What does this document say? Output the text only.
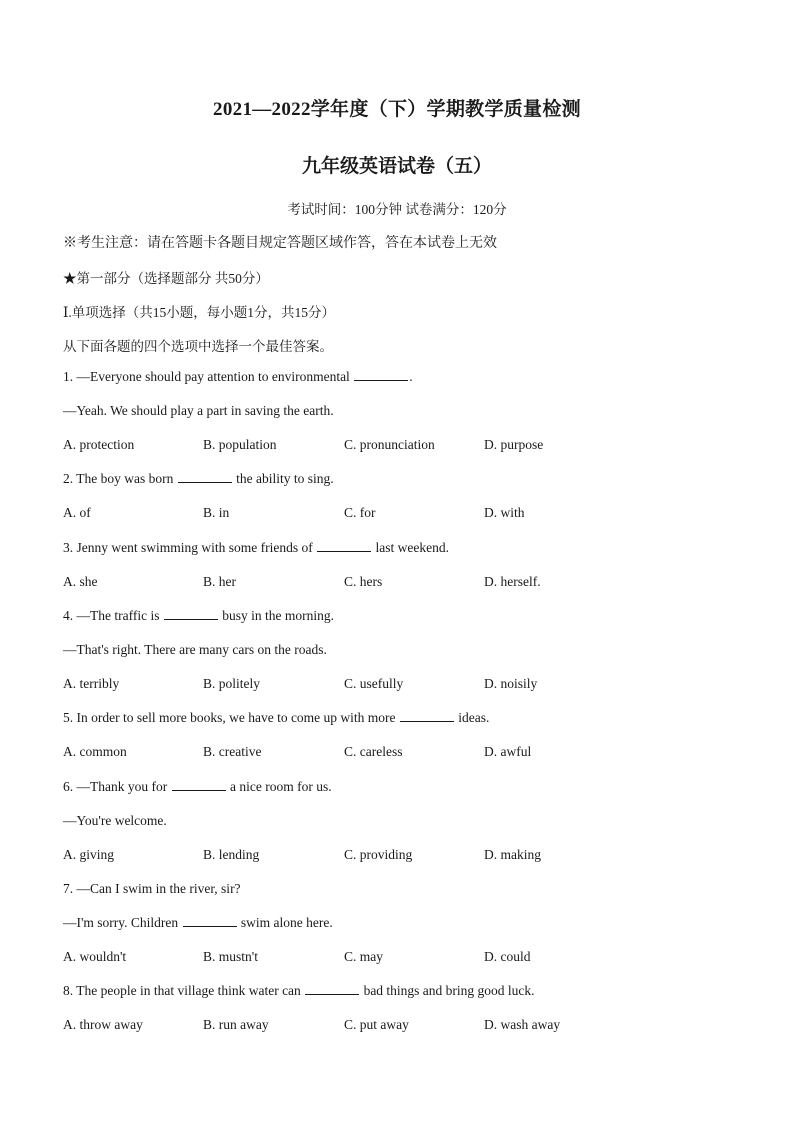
2021—2022学年度（下）学期教学质量检测
九年级英语试卷（五）
考试时间：100分钟 试卷满分：120分
※考生注意：请在答题卡各题目规定答题区域作答，答在本试卷上无效
★第一部分（选择题部分 共50分）
Ⅰ.单项选择（共15小题，每小题1分，共15分）
从下面各题的四个选项中选择一个最佳答案。
1. —Everyone should pay attention to environmental	.
—Yeah. We should play a part in saving the earth.
A. protection	B. population	C. pronunciation	D. purpose
2. The boy was born	the ability to sing.
A. of	B. in	C. for	D. with
3. Jenny went swimming with some friends of	last weekend.
A. she	B. her	C. hers	D. herself.
4. —The traffic is	busy in the morning.
—That's right. There are many cars on the roads.
A. terribly	B. politely	C. usefully	D. noisily
5. In order to sell more books, we have to come up with more	ideas.
A. common	B. creative	C. careless	D. awful
6. —Thank you for	a nice room for us.
—You're welcome.
A. giving	B. lending	C. providing	D. making
7. —Can I swim in the river, sir?
—I'm sorry. Children	swim alone here.
A. wouldn't	B. mustn't	C. may	D. could
8. The people in that village think water can	bad things and bring good luck.
A. throw away	B. run away	C. put away	D. wash away
